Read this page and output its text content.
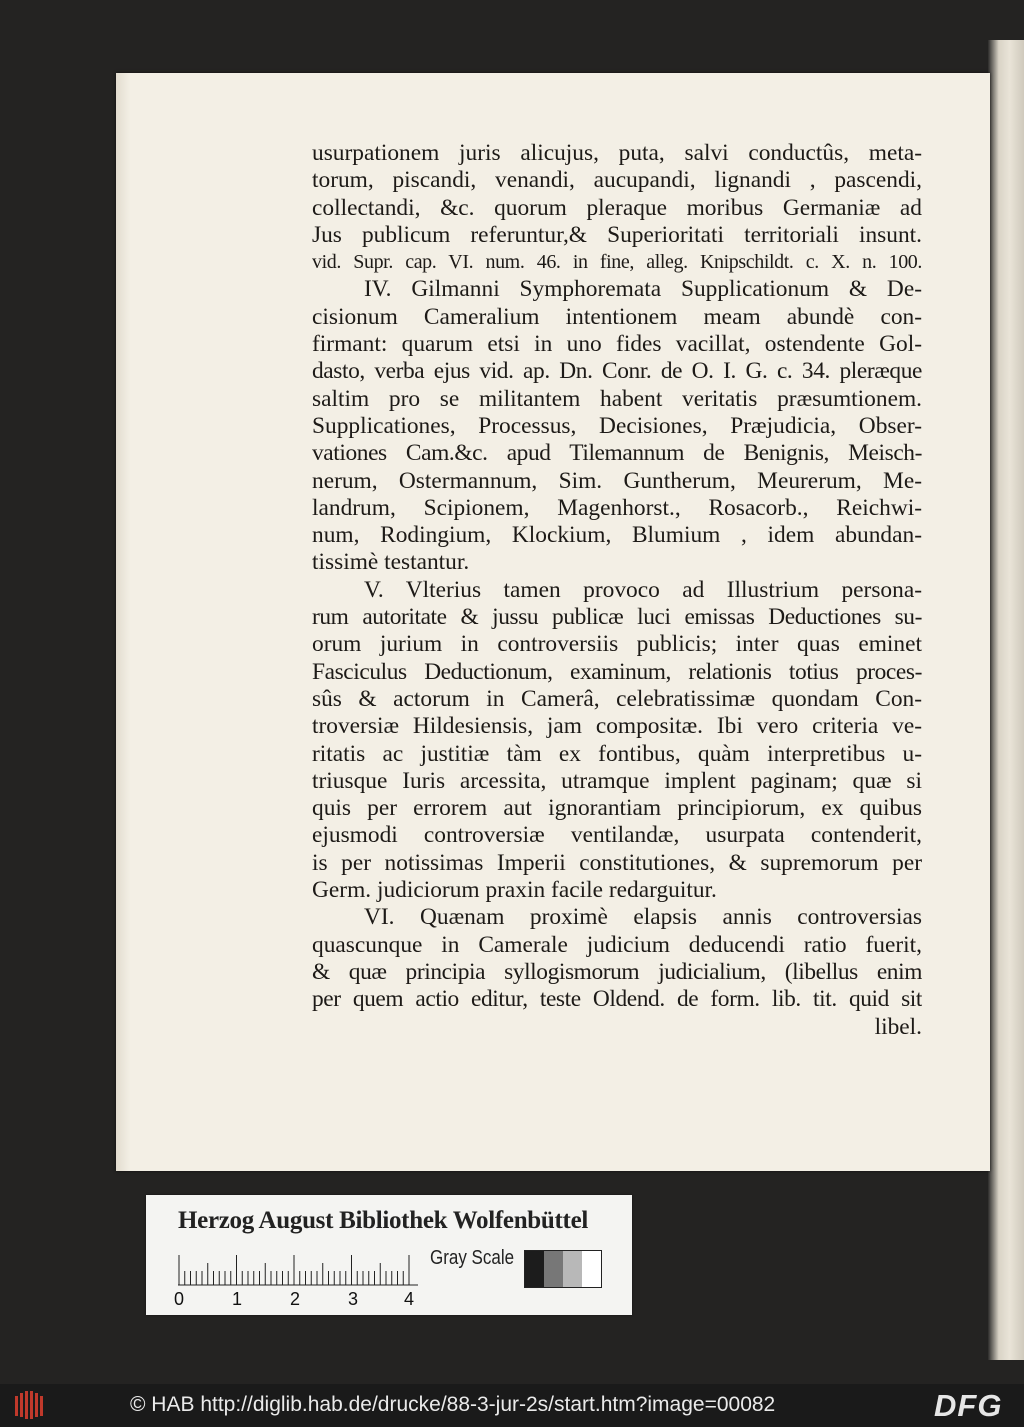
usurpationem juris alicujus, puta, salvi conductûs, meta-
torum, piscandi, venandi, aucupandi, lignandi , pascendi,
collectandi, &c. quorum pleraque moribus Germaniæ ad
Jus publicum referuntur,& Superioritati territoriali insunt.
vid. Supr. cap. VI. num. 46. in fine, alleg. Knipschildt. c. X. n. 100.
IV. Gilmanni Symphoremata Supplicationum & De-
cisionum Cameralium intentionem meam abundè con-
firmant: quarum etsi in uno fides vacillat, ostendente Gol-
dasto, verba ejus vid. ap. Dn. Conr. de O. I. G. c. 34. pleræque
saltim pro se militantem habent veritatis præsumtionem.
Supplicationes, Processus, Decisiones, Præjudicia, Obser-
vationes Cam.&c. apud Tilemannum de Benignis, Meisch-
nerum, Ostermannum, Sim. Guntherum, Meurerum, Me-
landrum, Scipionem, Magenhorst., Rosacorb., Reichwi-
num, Rodingium, Klockium, Blumium , idem abundan-
tissimè testantur.
V. Vlterius tamen provoco ad Illustrium persona-
rum autoritate & jussu publicæ luci emissas Deductiones su-
orum jurium in controversiis publicis; inter quas eminet
Fasciculus Deductionum, examinum, relationis totius proces-
sûs & actorum in Camerâ, celebratissimæ quondam Con-
troversiæ Hildesiensis, jam compositæ. Ibi vero criteria ve-
ritatis ac justitiæ tàm ex fontibus, quàm interpretibus u-
triusque Iuris arcessita, utramque implent paginam; quæ si
quis per errorem aut ignorantiam principiorum, ex quibus
ejusmodi controversiæ ventilandæ, usurpata contenderit,
is per notissimas Imperii constitutiones, & supremorum per
Germ. judiciorum praxin facile redarguitur.
VI. Quænam proximè elapsis annis controversias
quascunque in Camerale judicium deducendi ratio fuerit,
& quæ principia syllogismorum judicialium, (libellus enim
per quem actio editur, teste Oldend. de form. lib. tit. quid sit
libel.
Herzog August Bibliothek Wolfenbüttel
0	1	2	3	4
Gray Scale
© HAB http://diglib.hab.de/drucke/88-3-jur-2s/start.htm?image=00082	DFG
